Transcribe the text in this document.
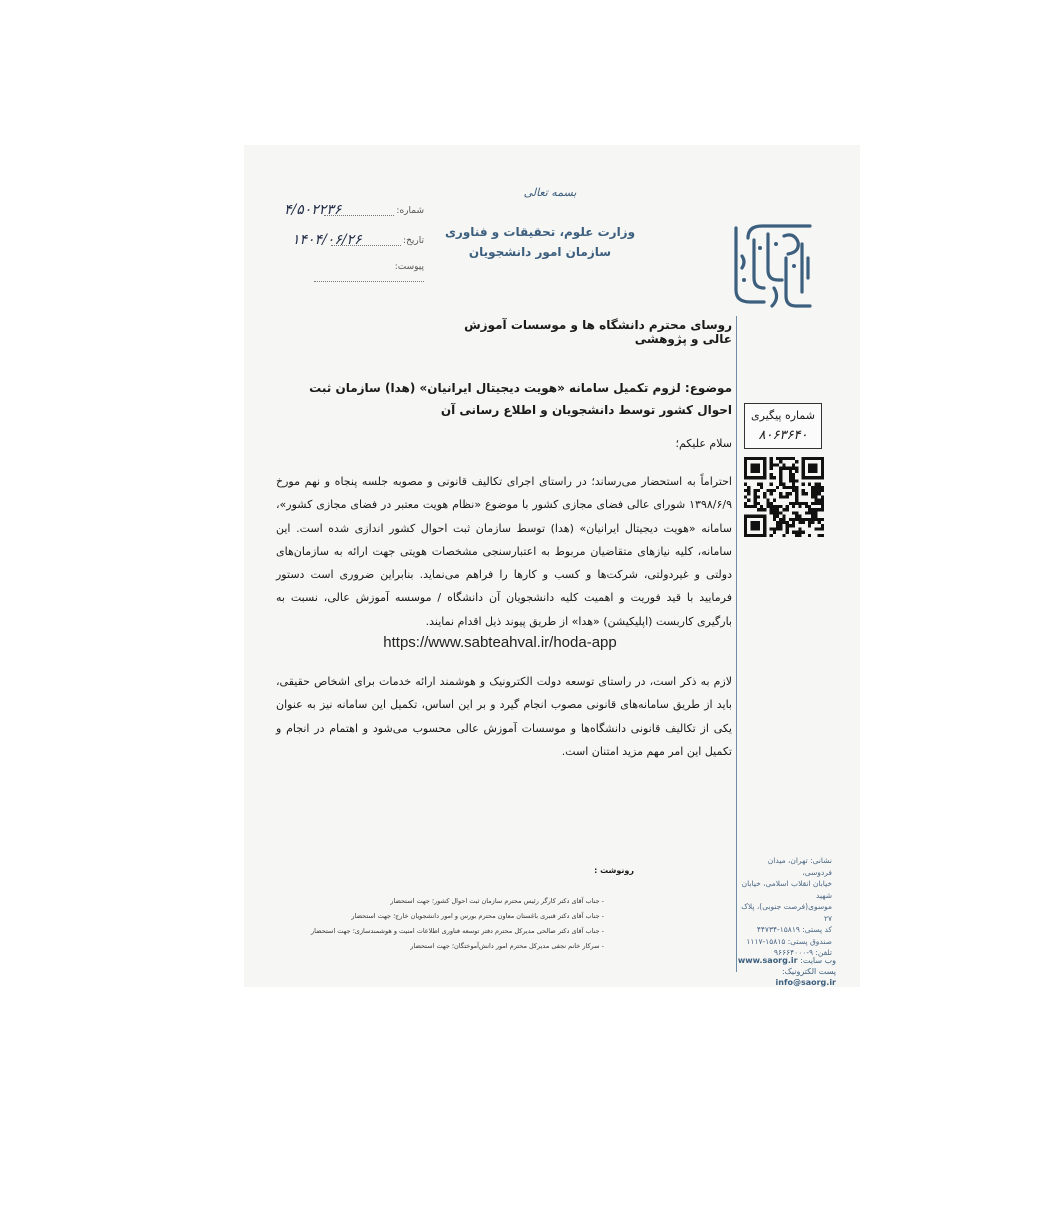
بسمه تعالی
وزارت علوم، تحقیقات و فناوری
سازمان امور دانشجویان
شماره:
۴/۵۰۲۲۳۶
تاریخ:
۱۴۰۴/۰۶/۲۶
پیوست:
روسای محترم دانشگاه ها و موسسات آموزش عالی و پژوهشی
موضوع: لزوم تکمیل سامانه «هویت دیجیتال ایرانیان» (هدا) سازمان ثبت احوال کشور توسط دانشجویان و اطلاع رسانی آن
سلام علیکم؛
احتراماً به استحضار می‌رساند؛ در راستای اجرای تکالیف قانونی و مصوبه جلسه پنجاه و نهم مورخ ۱۳۹۸/۶/۹ شورای عالی فضای مجازی کشور با موضوع «نظام هویت معتبر در فضای مجازی کشور»، سامانه «هویت دیجیتال ایرانیان» (هدا) توسط سازمان ثبت احوال کشور اندازی شده است. این سامانه، کلیه نیازهای متقاضیان مربوط به اعتبارسنجی مشخصات هویتی جهت ارائه به سازمان‌های دولتی و غیردولتی، شرکت‌ها و کسب و کارها را فراهم می‌نماید. بنابراین ضروری است دستور فرمایید با قید فوریت و اهمیت کلیه دانشجویان آن دانشگاه / موسسه آموزش عالی، نسبت به بارگیری کاربست (اپلیکیشن) «هدا» از طریق پیوند ذیل اقدام نمایند.
https://www.sabteahval.ir/hoda-app
لازم به ذکر است، در راستای توسعه دولت الکترونیک و هوشمند ارائه خدمات برای اشخاص حقیقی، باید از طریق سامانه‌های قانونی مصوب انجام گیرد و بر این اساس، تکمیل این سامانه نیز به عنوان یکی از تکالیف قانونی دانشگاه‌ها و موسسات آموزش عالی محسوب می‌شود و اهتمام در انجام و تکمیل این امر مهم مزید امتنان است.
شماره پیگیری
۸۰۶۳۶۴۰
رونوشت :
- جناب آقای دکتر کارگر رئیس محترم سازمان ثبت احوال کشور؛ جهت استحضار
- جناب آقای دکتر قنبری باغستان معاون محترم بورس و امور دانشجویان خارج؛ جهت استحضار
- جناب آقای دکتر صالحی مدیرکل محترم دفتر توسعه فناوری اطلاعات امنیت و هوشمندسازی؛ جهت استحضار
- سرکار خانم نجفی مدیرکل محترم امور دانش‌آموختگان؛ جهت استحضار
نشانی: تهران، میدان فردوسی،
خیابان انقلاب اسلامی، خیابان شهید
موسوی(فرصت جنوبی)، پلاک ۲۷
کد پستی: ۱۵۸۱۹-۴۴۷۳۴
صندوق پستی: ۱۵۸۱۵-۱۱۱۷
تلفن: ۹-۹۶۶۶۴۰۰۰
وب سایت: www.saorg.ir
پست الکترونیک: info@saorg.ir
